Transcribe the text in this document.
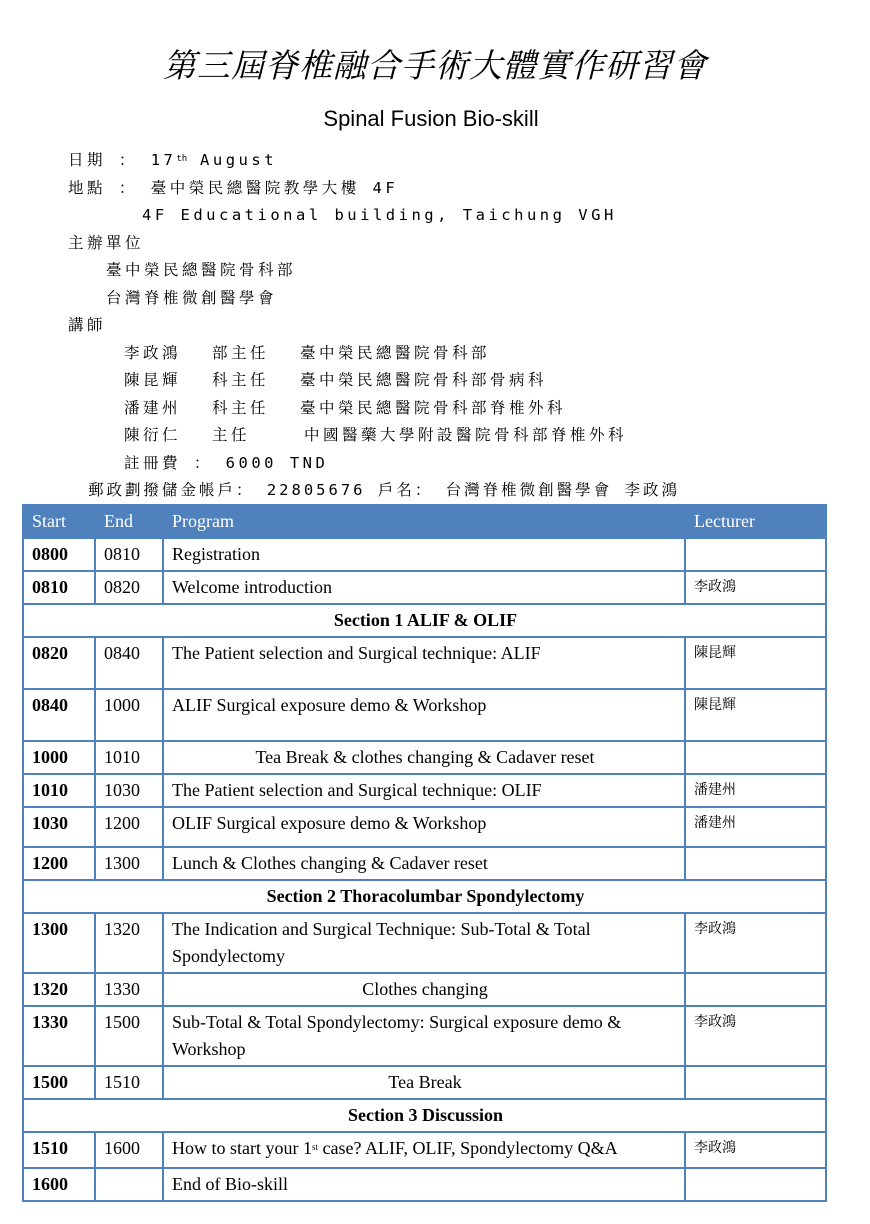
第三屆脊椎融合手術大體實作研習會
Spinal Fusion Bio-skill
日期 ： 17th August
地點 ： 臺中榮民總醫院教學大樓 4F
4F Educational building, Taichung VGH
主辦單位
臺中榮民總醫院骨科部
台灣脊椎微創醫學會
講師
李政鴻 部主任 臺中榮民總醫院骨科部
陳昆輝 科主任 臺中榮民總醫院骨科部骨病科
潘建州 科主任 臺中榮民總醫院骨科部脊椎外科
陳衍仁 主任	中國醫藥大學附設醫院骨科部脊椎外科
註冊費 ： 6000 TND
郵政劃撥儲金帳戶： 22805676 戶名： 台灣脊椎微創醫學會 李政鴻
Start	End	Program	Lecturer
0800	0810	Registration	
0810	0820	Welcome introduction	李政鴻
Section 1 ALIF & OLIF			
0820	0840	The Patient selection and Surgical technique: ALIF	陳昆輝
0840	1000	ALIF Surgical exposure demo & Workshop	陳昆輝
1000	1010	Tea Break & clothes changing & Cadaver reset	
1010	1030	The Patient selection and Surgical technique: OLIF	潘建州
1030	1200	OLIF Surgical exposure demo & Workshop	潘建州
1200	1300	Lunch & Clothes changing & Cadaver reset	
Section 2 Thoracolumbar Spondylectomy			
1300	1320	The Indication and Surgical Technique: Sub-Total & Total Spondylectomy	李政鴻
1320	1330	Clothes changing	
1330	1500	Sub-Total & Total Spondylectomy: Surgical exposure demo & Workshop	李政鴻
1500	1510	Tea Break	
Section 3 Discussion			
1510	1600	How to start your 1st case? ALIF, OLIF, Spondylectomy Q&A	李政鴻
1600		End of Bio-skill	
